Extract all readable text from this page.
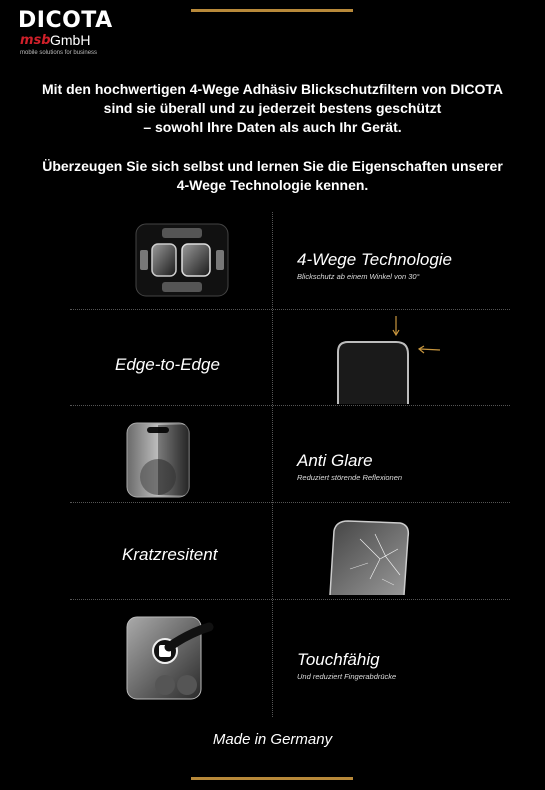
DICOTA
msb GmbH
mobile solutions for business

Mit den hochwertigen 4-Wege Adhäsiv Blickschutzfiltern von DICOTA

sind sie überall und zu jederzeit bestens geschützt

– sowohl Ihre Daten als auch Ihr Gerät.

Überzeugen Sie sich selbst und lernen Sie die Eigenschaften unserer

4-Wege Technologie kennen.

4-Wege Technologie
Blickschutz ab einem Winkel von 30°
Edge-to-Edge
Anti Glare
Reduziert störende Reflexionen
Kratzresitent
Touchfähig
Und reduziert Fingerabdrücke
Made in Germany
